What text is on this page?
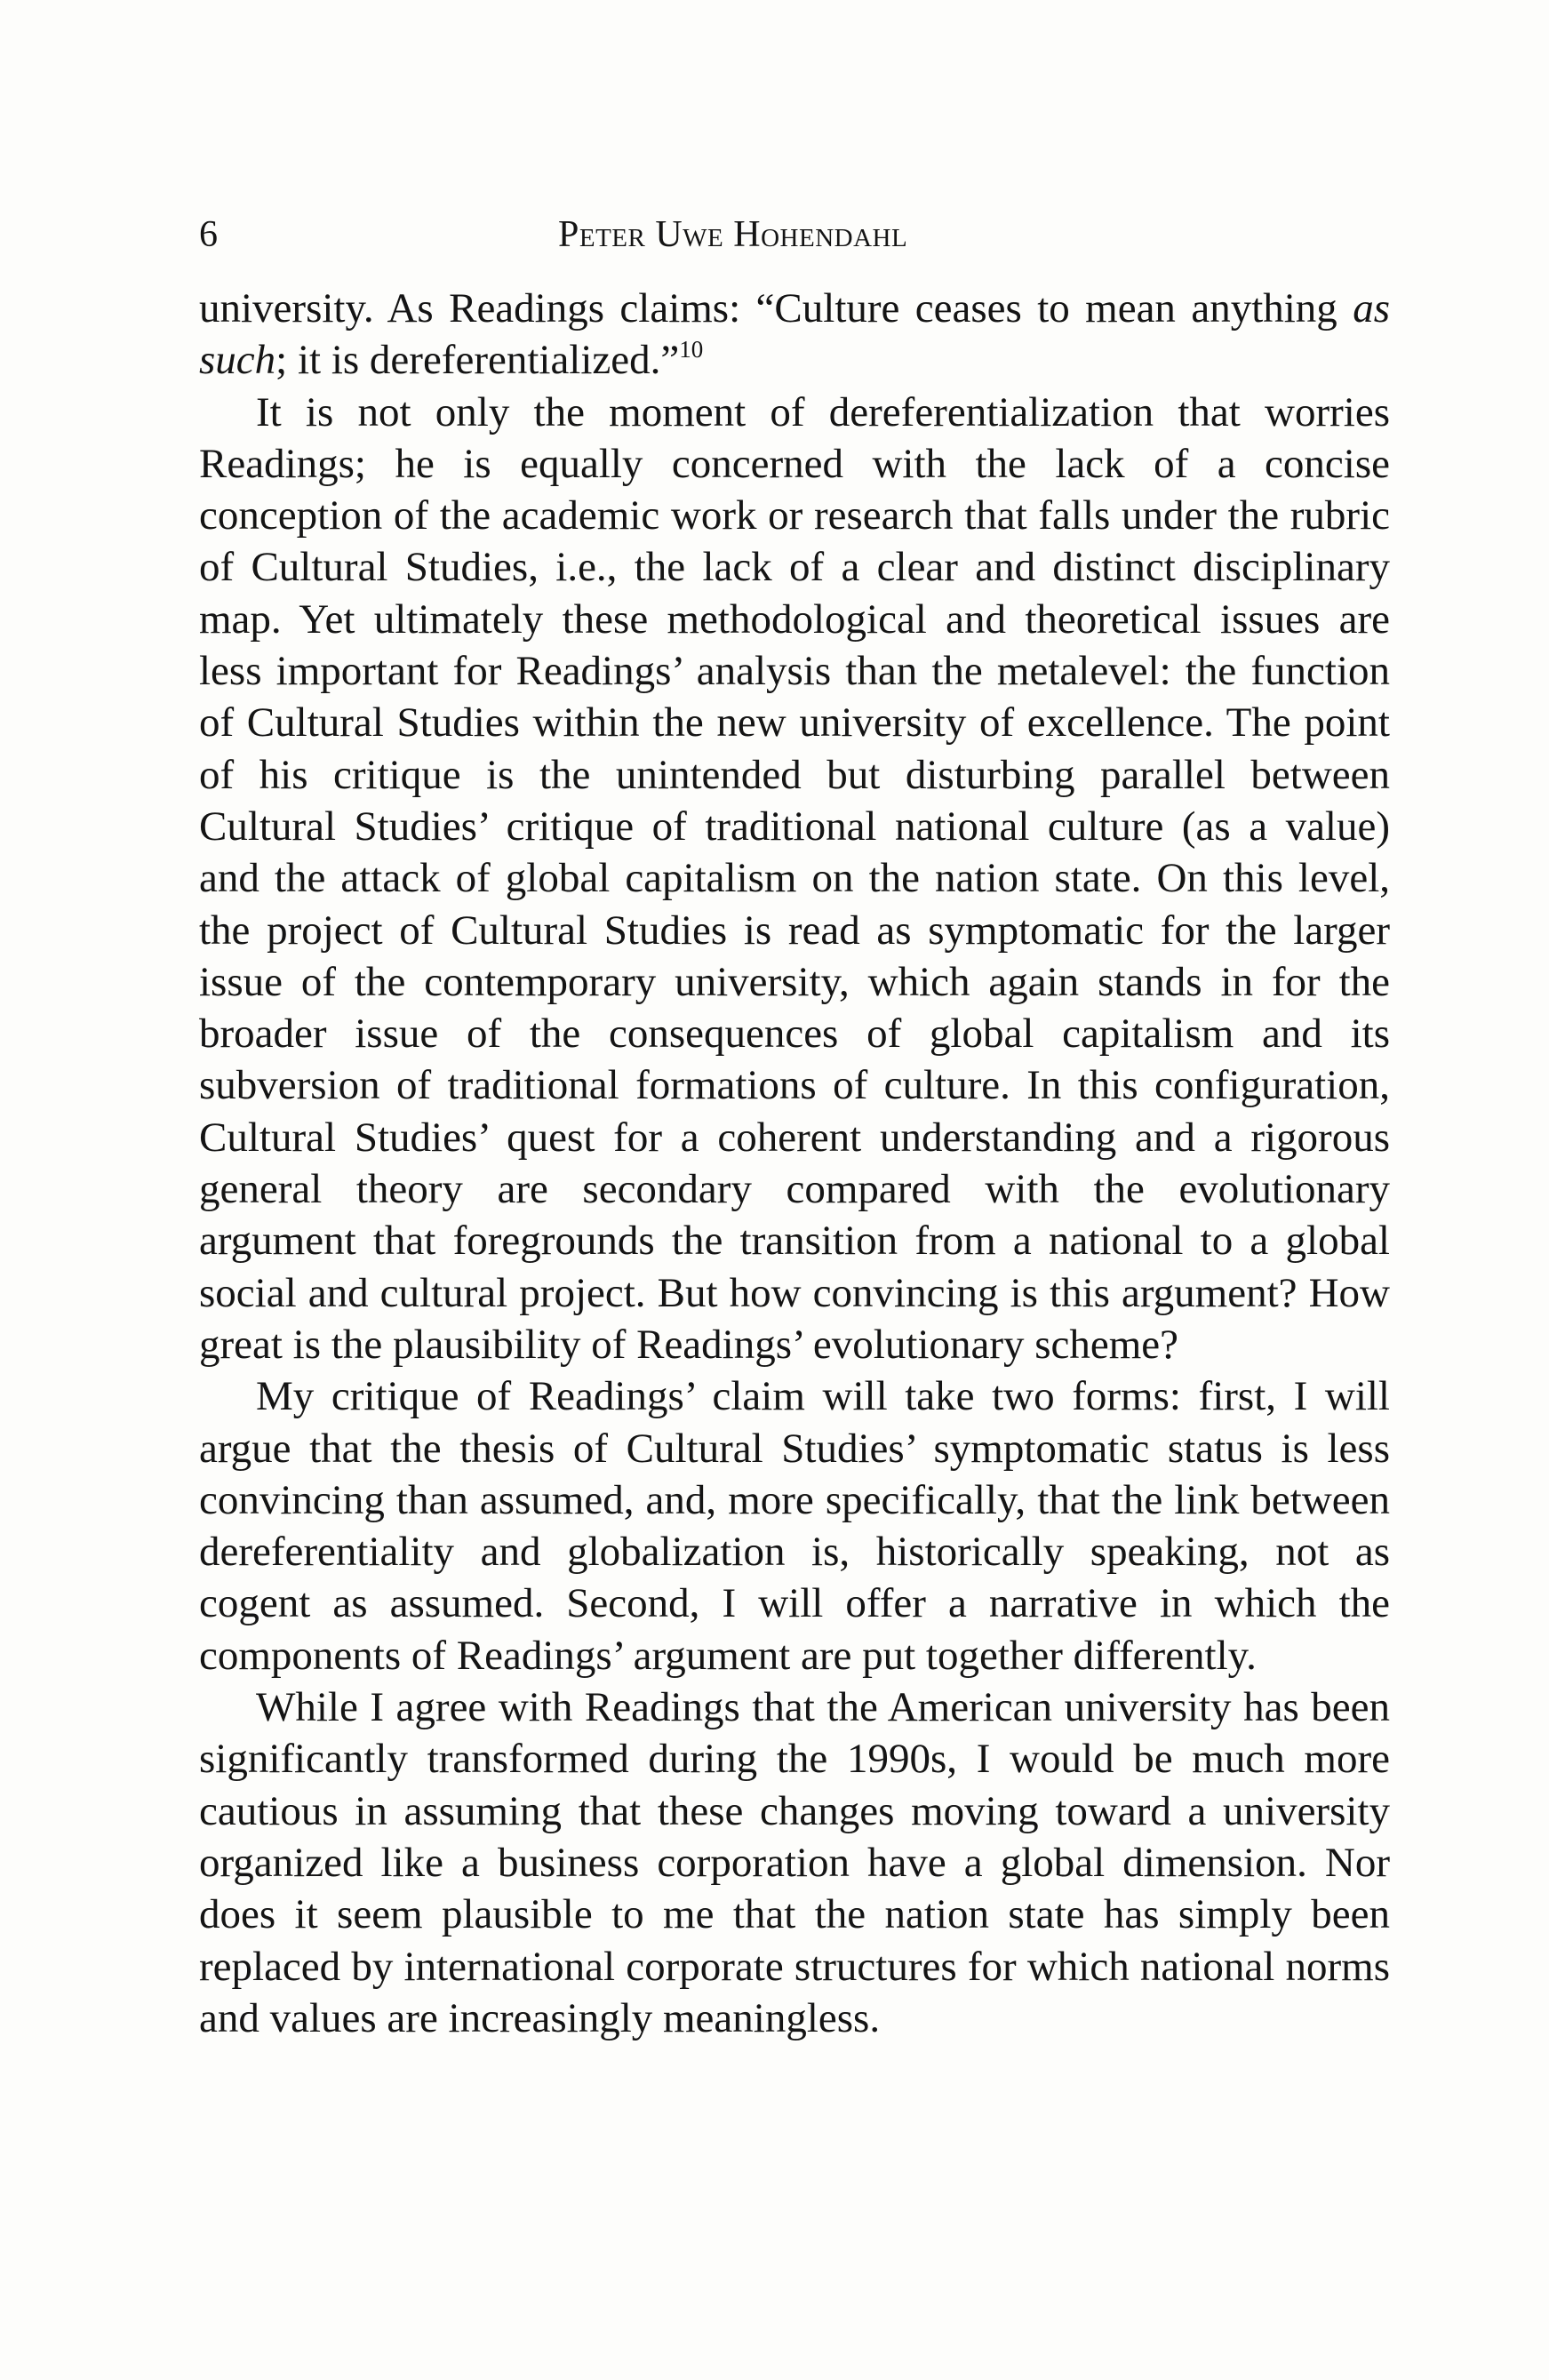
6	Peter Uwe Hohendahl

university. As Readings claims: “Culture ceases to mean anything as such; it is dereferentialized.”$^{10}$

It is not only the moment of dereferentialization that worries Readings; he is equally concerned with the lack of a concise conception of the academic work or research that falls under the rubric of Cultural Studies, i.e., the lack of a clear and distinct disciplinary map. Yet ultimately these methodological and theoretical issues are less important for Readings’ analysis than the metalevel: the function of Cultural Studies within the new university of excellence. The point of his critique is the unintended but disturbing parallel between Cultural Studies’ critique of traditional national culture (as a value) and the attack of global capitalism on the nation state. On this level, the project of Cultural Studies is read as symptomatic for the larger issue of the contemporary university, which again stands in for the broader issue of the consequences of global capitalism and its subversion of traditional formations of culture. In this configuration, Cultural Studies’ quest for a coherent understanding and a rigorous general theory are secondary compared with the evolutionary argument that foregrounds the transition from a national to a global social and cultural project. But how convincing is this argument? How great is the plausibility of Readings’ evolutionary scheme?

My critique of Readings’ claim will take two forms: first, I will argue that the thesis of Cultural Studies’ symptomatic status is less convincing than assumed, and, more specifically, that the link between dereferentiality and globalization is, historically speaking, not as cogent as assumed. Second, I will offer a narrative in which the components of Readings’ argument are put together differently.

While I agree with Readings that the American university has been significantly transformed during the 1990s, I would be much more cautious in assuming that these changes moving toward a university organized like a business corporation have a global dimension. Nor does it seem plausible to me that the nation state has simply been replaced by international corporate structures for which national norms and values are increasingly meaningless.
